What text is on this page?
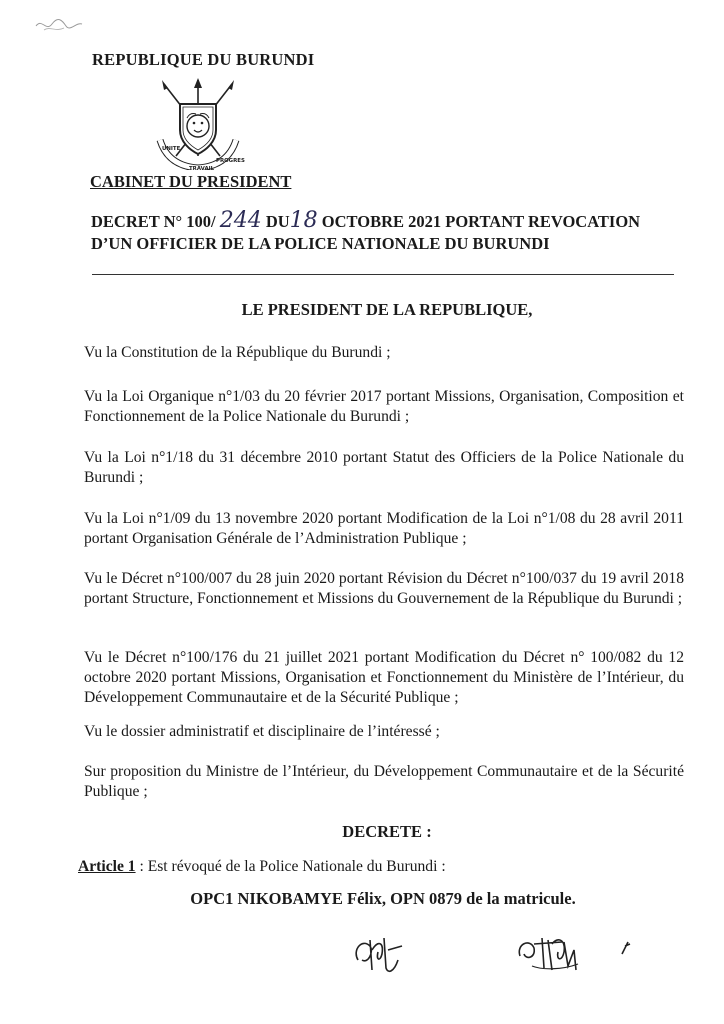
REPUBLIQUE DU BURUNDI
UNITE
TRAVAIL
PROGRES
CABINET DU PRESIDENT
DECRET N° 100/ 244 DU18 OCTOBRE 2021 PORTANT REVOCATION
D’UN OFFICIER DE LA POLICE NATIONALE DU BURUNDI
LE PRESIDENT DE LA REPUBLIQUE,
Vu la Constitution de la République du Burundi ;
Vu la Loi Organique n°1/03 du 20 février 2017 portant Missions, Organisation, Composition et Fonctionnement de la Police Nationale du Burundi ;
Vu la Loi n°1/18 du 31 décembre 2010 portant Statut des Officiers de la Police Nationale du Burundi ;
Vu la Loi n°1/09 du 13 novembre 2020 portant Modification de la Loi n°1/08 du 28 avril 2011 portant Organisation Générale de l’Administration Publique ;
Vu le Décret n°100/007 du 28 juin 2020 portant Révision du Décret n°100/037 du 19 avril 2018 portant Structure, Fonctionnement et Missions du Gouvernement de la République du Burundi ;
Vu le Décret n°100/176 du 21 juillet 2021 portant Modification du Décret n° 100/082 du 12 octobre 2020 portant Missions, Organisation et Fonctionnement du Ministère de l’Intérieur, du Développement Communautaire et de la Sécurité Publique ;
Vu le dossier administratif et disciplinaire de l’intéressé ;
Sur proposition du Ministre de l’Intérieur, du Développement Communautaire et de la Sécurité Publique ;
DECRETE :
Article 1 : Est révoqué de la Police Nationale du Burundi :
OPC1 NIKOBAMYE Félix, OPN 0879 de la matricule.
